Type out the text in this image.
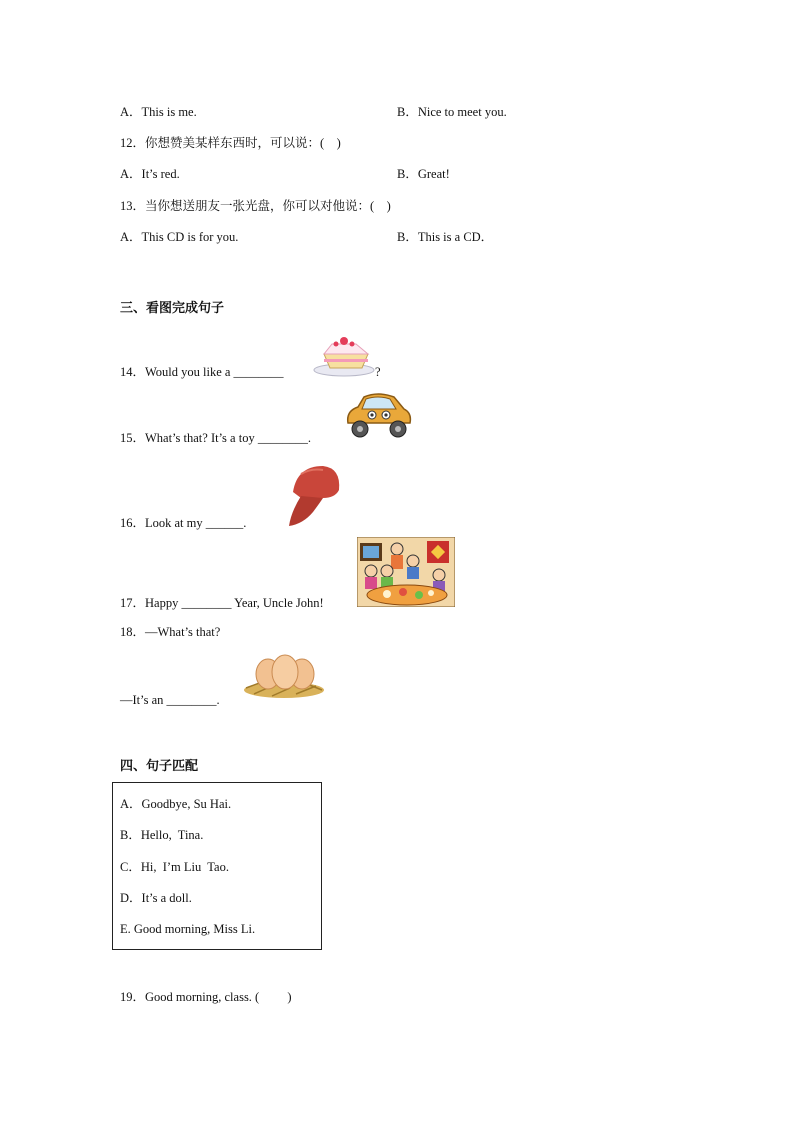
A．This is me.	B．Nice to meet you.
12．你想赞美某样东西时，可以说：(    )
A．It’s red.	B．Great!
13．当你想送朋友一张光盘，你可以对他说：(    )
A．This CD is for you.	B．This is a CD．
三、看图完成句子
14．Would you like a ________	?
15．What’s that? It’s a toy ________.
16．Look at my ______.
17．Happy ________ Year, Uncle John!
18．—What’s that?
—It’s an ________.
四、句子匹配
A．Goodbye, Su Hai.
B．Hello,  Tina.
C．Hi,  I’m Liu  Tao.
D．It’s a doll.
E. Good morning, Miss Li.
19．Good morning, class. (         )
